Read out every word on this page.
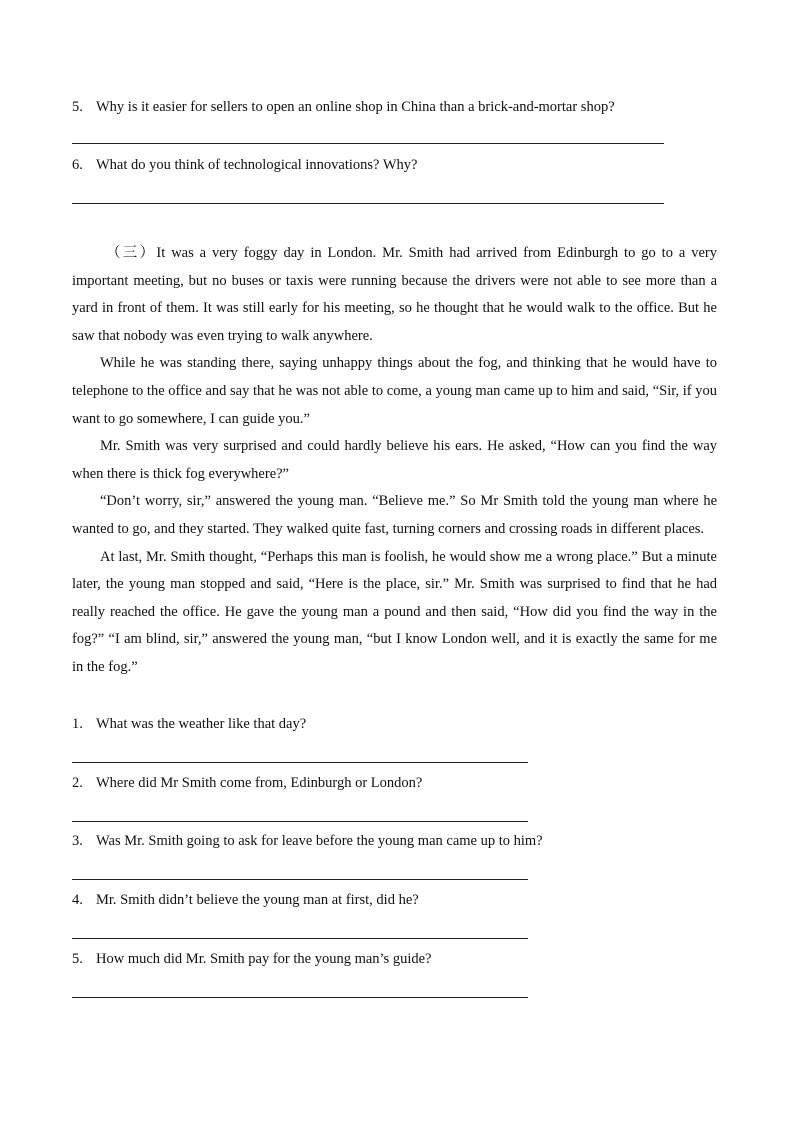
5. Why is it easier for sellers to open an online shop in China than a brick-and-mortar shop?
6. What do you think of technological innovations? Why?

（三）It was a very foggy day in London. Mr. Smith had arrived from Edinburgh to go to a very important meeting, but no buses or taxis were running because the drivers were not able to see more than a yard in front of them. It was still early for his meeting, so he thought that he would walk to the office. But he saw that nobody was even trying to walk anywhere.

While he was standing there, saying unhappy things about the fog, and thinking that he would have to telephone to the office and say that he was not able to come, a young man came up to him and said, “Sir, if you want to go somewhere, I can guide you.”

Mr. Smith was very surprised and could hardly believe his ears. He asked, “How can you find the way when there is thick fog everywhere?”

“Don’t worry, sir,” answered the young man. “Believe me.” So Mr Smith told the young man where he wanted to go, and they started. They walked quite fast, turning corners and crossing roads in different places.

At last, Mr. Smith thought, “Perhaps this man is foolish, he would show me a wrong place.” But a minute later, the young man stopped and said, “Here is the place, sir.” Mr. Smith was surprised to find that he had really reached the office. He gave the young man a pound and then said, “How did you find the way in the fog?” “I am blind, sir,” answered the young man, “but I know London well, and it is exactly the same for me in the fog.”

1. What was the weather like that day?
2. Where did Mr Smith come from, Edinburgh or London?
3. Was Mr. Smith going to ask for leave before the young man came up to him?
4. Mr. Smith didn’t believe the young man at first, did he?
5. How much did Mr. Smith pay for the young man’s guide?
